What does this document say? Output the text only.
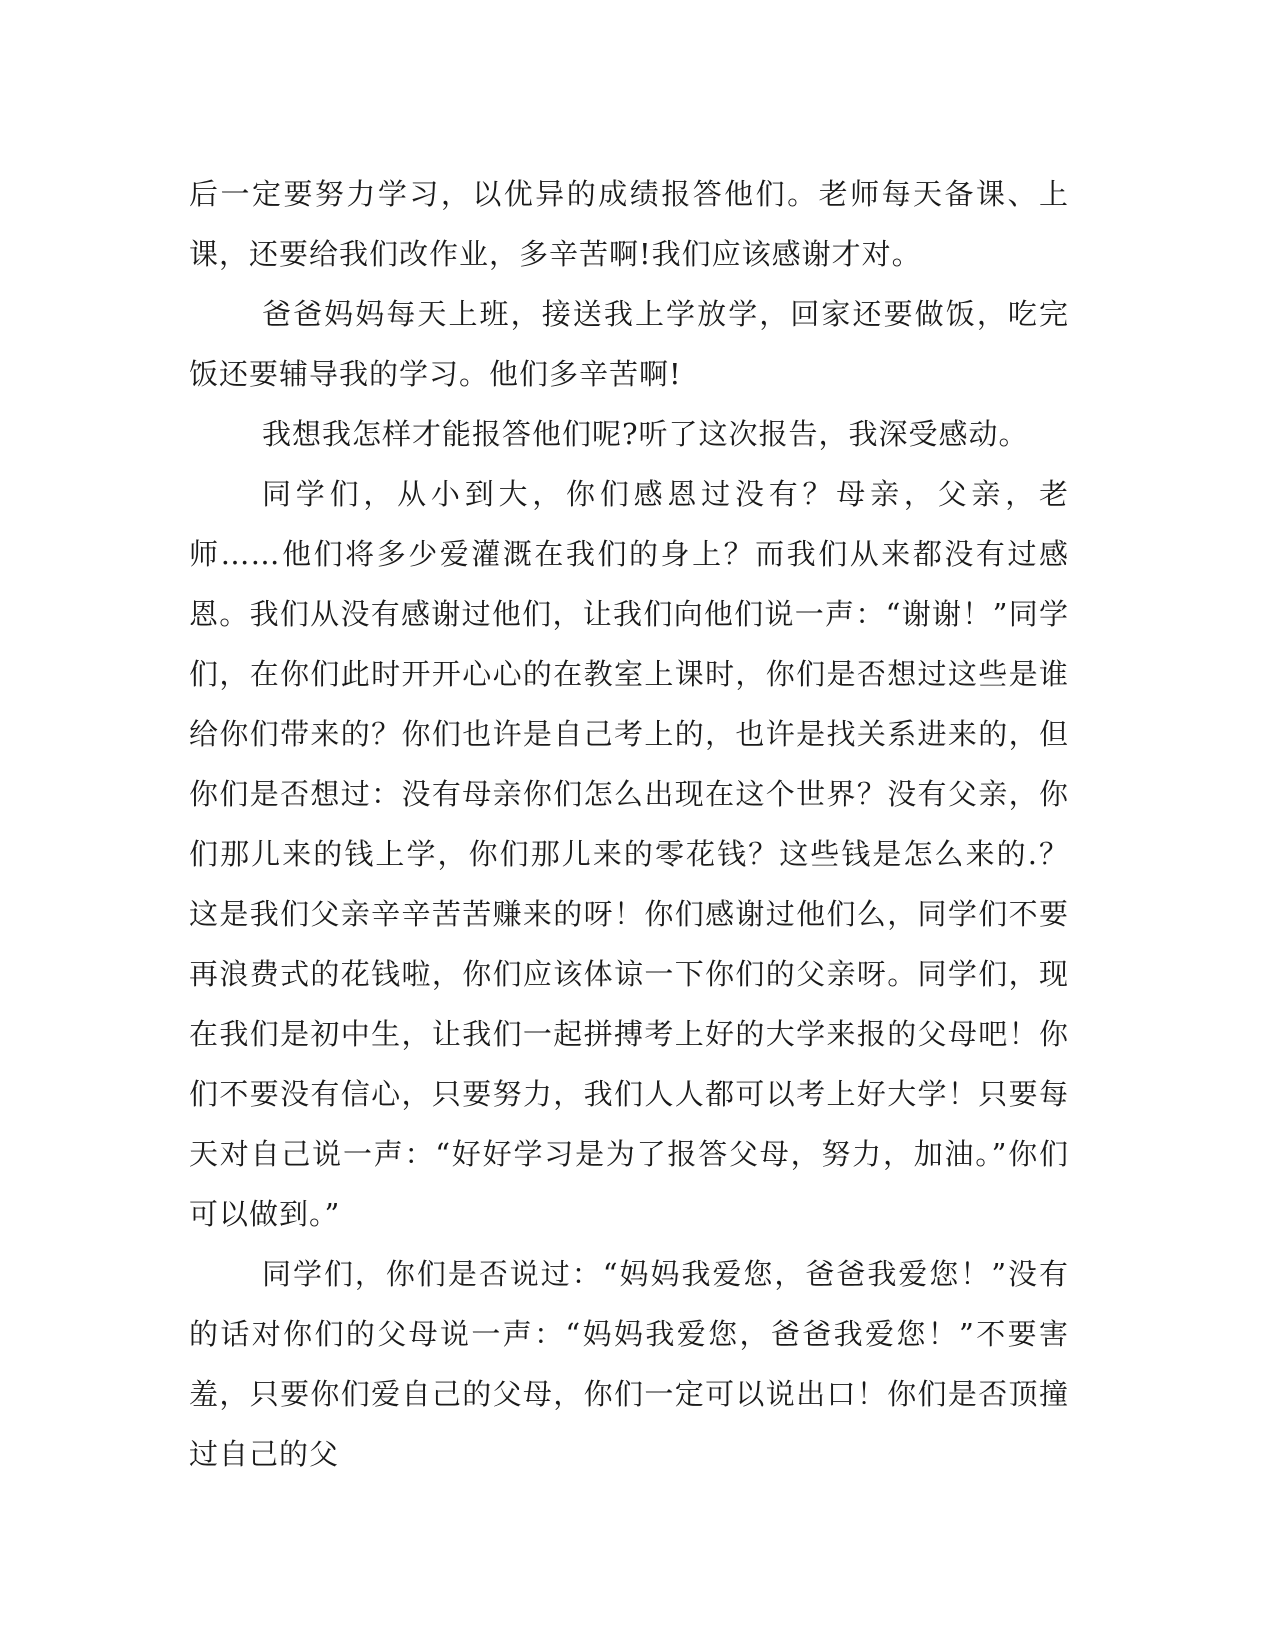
后一定要努力学习，以优异的成绩报答他们。老师每天备课、上课，还要给我们改作业，多辛苦啊!我们应该感谢才对。

爸爸妈妈每天上班，接送我上学放学，回家还要做饭，吃完饭还要辅导我的学习。他们多辛苦啊!

我想我怎样才能报答他们呢?听了这次报告，我深受感动。

同学们，从小到大，你们感恩过没有？母亲，父亲，老师……他们将多少爱灌溉在我们的身上？而我们从来都没有过感恩。我们从没有感谢过他们，让我们向他们说一声：“谢谢！”同学们，在你们此时开开心心的在教室上课时，你们是否想过这些是谁给你们带来的？你们也许是自己考上的，也许是找关系进来的，但你们是否想过：没有母亲你们怎么出现在这个世界？没有父亲，你们那儿来的钱上学，你们那儿来的零花钱？这些钱是怎么来的.？这是我们父亲辛辛苦苦赚来的呀！你们感谢过他们么，同学们不要再浪费式的花钱啦，你们应该体谅一下你们的父亲呀。同学们，现在我们是初中生，让我们一起拼搏考上好的大学来报的父母吧！你们不要没有信心，只要努力，我们人人都可以考上好大学！只要每天对自己说一声：“好好学习是为了报答父母，努力，加油。”你们可以做到。”

同学们，你们是否说过：“妈妈我爱您，爸爸我爱您！”没有的话对你们的父母说一声：“妈妈我爱您，爸爸我爱您！”不要害羞，只要你们爱自己的父母，你们一定可以说出口！你们是否顶撞过自己的父
